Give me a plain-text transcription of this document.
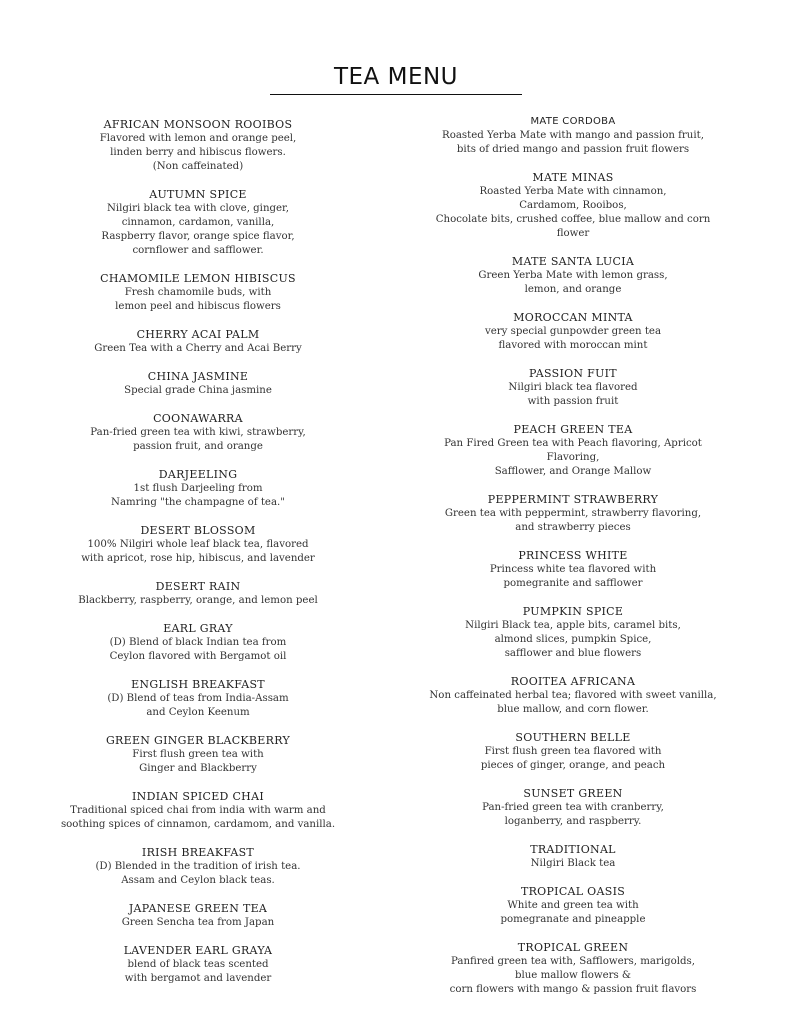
TEA MENU
AFRICAN MONSOON ROOIBOS
Flavored with lemon and orange peel,
linden berry and hibiscus flowers.
(Non caffeinated)
AUTUMN SPICE
Nilgiri black tea with clove, ginger,
cinnamon, cardamon, vanilla,
Raspberry flavor, orange spice flavor,
cornflower and safflower.
CHAMOMILE LEMON HIBISCUS
Fresh chamomile buds, with
lemon peel and hibiscus flowers
CHERRY ACAI PALM
Green Tea with a Cherry and Acai Berry
CHINA JASMINE
Special grade China jasmine
COONAWARRA
Pan-fried green tea with kiwi, strawberry,
passion fruit, and orange
DARJEELING
1st flush Darjeeling from
Namring "the champagne of tea."
DESERT BLOSSOM
100% Nilgiri whole leaf black tea, flavored
with apricot, rose hip, hibiscus, and lavender
DESERT RAIN
Blackberry, raspberry, orange, and lemon peel
EARL GRAY
(D) Blend of black Indian tea from
Ceylon flavored with Bergamot oil
ENGLISH BREAKFAST
(D) Blend of teas from India-Assam
and Ceylon Keenum
GREEN GINGER BLACKBERRY
First flush green tea with
Ginger and Blackberry
INDIAN SPICED CHAI
Traditional spiced chai from india with warm and
soothing spices of cinnamon, cardamom, and vanilla.
IRISH BREAKFAST
(D) Blended in the tradition of irish tea.
Assam and Ceylon black teas.
JAPANESE GREEN TEA
Green Sencha tea from Japan
LAVENDER EARL GRAYA
blend of black teas scented
with bergamot and lavender
MATE CORDOBA
Roasted Yerba Mate with mango and passion fruit,
bits of dried mango and passion fruit flowers
MATE MINAS
Roasted Yerba Mate with cinnamon,
Cardamom, Rooibos,
Chocolate bits, crushed coffee, blue mallow and corn flower
MATE SANTA LUCIA
Green Yerba Mate with lemon grass,
lemon, and orange
MOROCCAN MINTA
very special gunpowder green tea
flavored with moroccan mint
PASSION FUIT
Nilgiri black tea flavored
with passion fruit
PEACH GREEN TEA
Pan Fired Green tea with Peach flavoring, Apricot Flavoring,
Safflower, and Orange Mallow
PEPPERMINT STRAWBERRY
Green tea with peppermint, strawberry flavoring,
and strawberry pieces
PRINCESS WHITE
Princess white tea flavored with
pomegranite and safflower
PUMPKIN SPICE
Nilgiri Black tea, apple bits, caramel bits,
almond slices, pumpkin Spice,
safflower and blue flowers
ROOITEA AFRICANA
Non caffeinated herbal tea; flavored with sweet vanilla,
blue mallow, and corn flower.
SOUTHERN BELLE
First flush green tea flavored with
pieces of ginger, orange, and peach
SUNSET GREEN
Pan-fried green tea with cranberry,
loganberry, and raspberry.
TRADITIONAL
Nilgiri Black tea
TROPICAL OASIS
White and green tea with
pomegranate and pineapple
TROPICAL GREEN
Panfired green tea with, Safflowers, marigolds,
blue mallow flowers &
corn flowers with mango & passion fruit flavors
